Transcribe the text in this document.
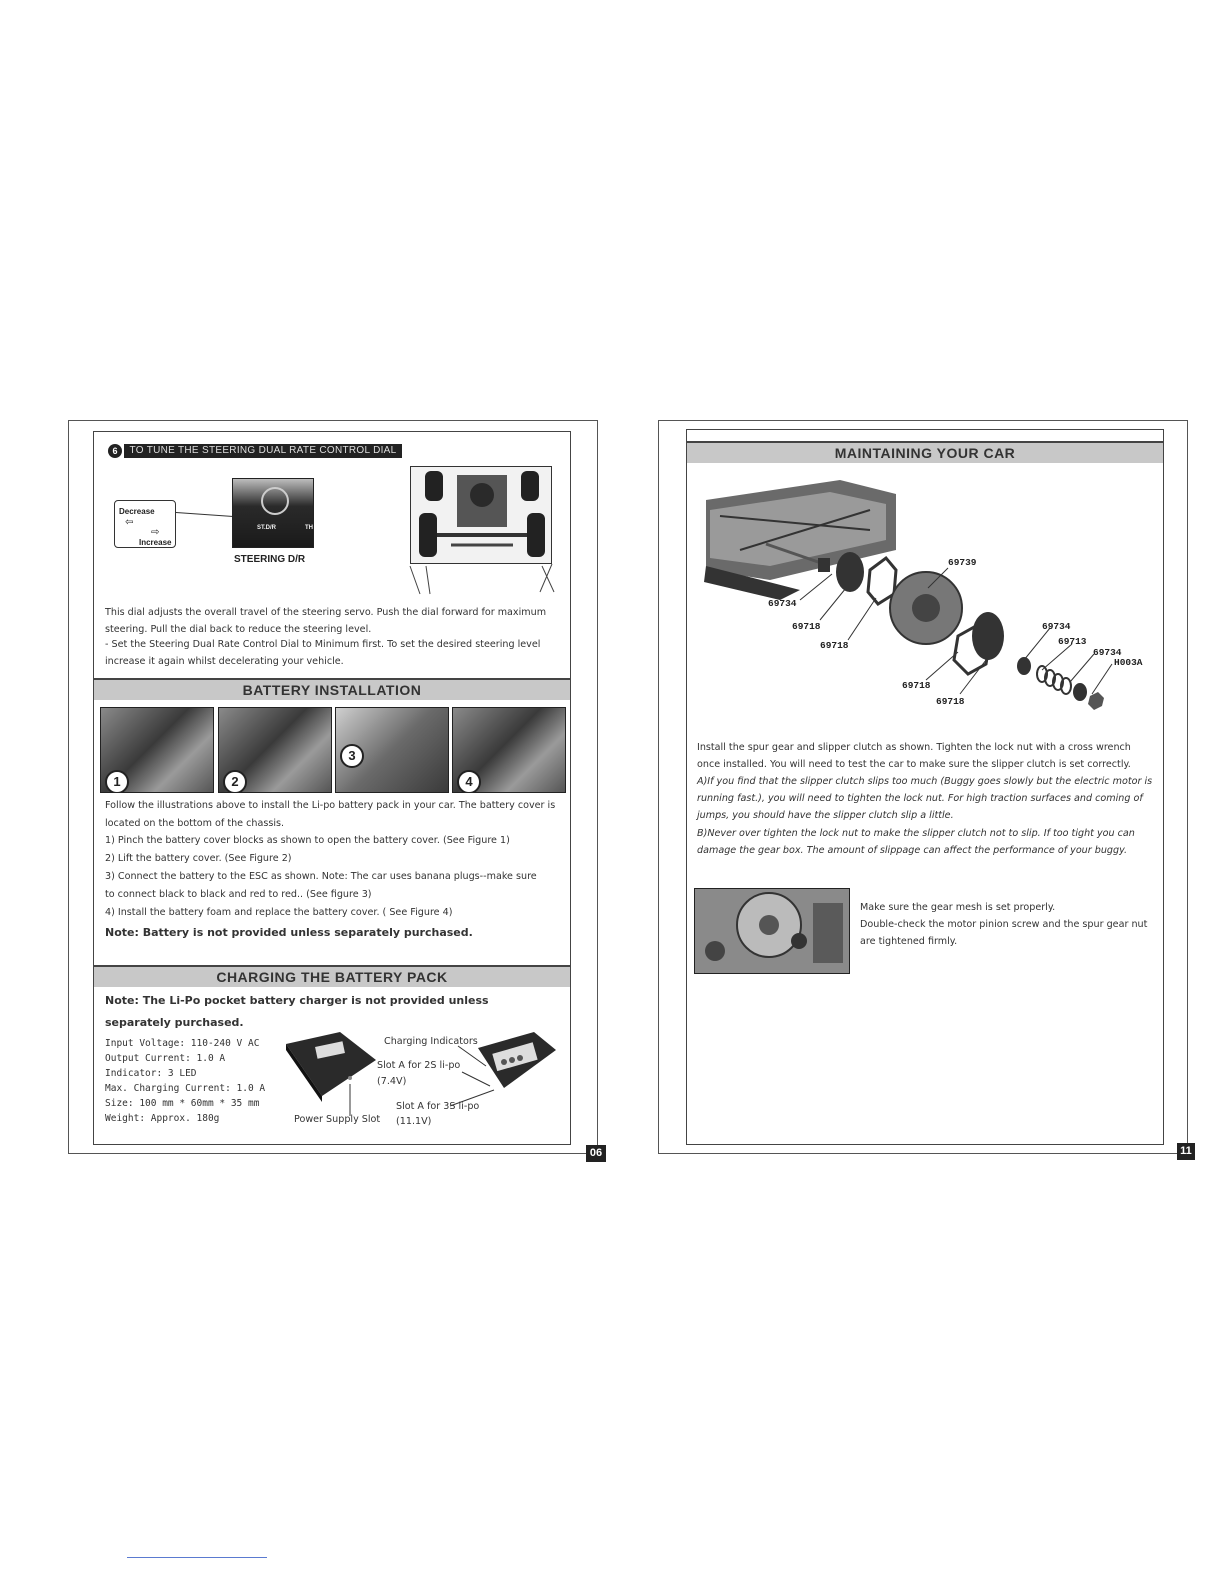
6	TO TUNE THE STEERING DUAL RATE CONTROL DIAL
Decrease
⇦
⇨
Increase
ST.D/R	TH
STEERING D/R
This dial adjusts the overall travel of the steering servo. Push the dial forward for maximum steering. Pull the dial back to reduce the steering level.
- Set the Steering Dual Rate Control Dial to Minimum first. To set the desired steering level increase it again whilst decelerating your vehicle.
BATTERY INSTALLATION
1	2
3
4
Follow the illustrations above to install the Li-po battery pack in your car. The battery cover is located on the bottom of the chassis.
1) Pinch the battery cover blocks as shown to open the battery cover. (See Figure 1)
2) Lift the battery cover. (See Figure 2)
3) Connect the battery to the ESC as shown. Note: The car uses banana plugs--make sure to connect black to black and red to red.. (See figure 3)
4) Install the battery foam and replace the battery cover. ( See Figure 4)
Note: Battery is not provided unless separately purchased.
CHARGING THE BATTERY PACK
Note: The Li-Po pocket battery charger is not provided unless separately purchased.
Input Voltage: 110-240 V AC
Output Current: 1.0 A
Indicator: 3 LED
Max. Charging Current: 1.0 A
Size: 100 mm * 60mm * 35 mm
Weight: Approx. 180g
Charging Indicators
Slot A for 2S li-po
(7.4V)
Slot A for 3S li-po
(11.1V)
Power Supply Slot
06
MAINTAINING YOUR CAR
69739
69734
69718
69718
69734
69713
69734
H003A
69718
69718
Install the spur gear and slipper clutch as shown. Tighten the lock nut with a cross wrench once installed. You will need to test the car to make sure the slipper clutch is set correctly.
A)If you find that the slipper clutch slips too much (Buggy goes slowly but the electric motor is running fast.), you will need to tighten the lock nut. For high traction surfaces and coming of jumps, you should have the slipper clutch slip a little.
B)Never over tighten the lock nut to make the slipper clutch not to slip. If too tight you can damage the gear box. The amount of slippage can affect the performance of your buggy.
Make sure the gear mesh is set properly.
Double-check the motor pinion screw and the spur gear nut are tightened firmly.
11
